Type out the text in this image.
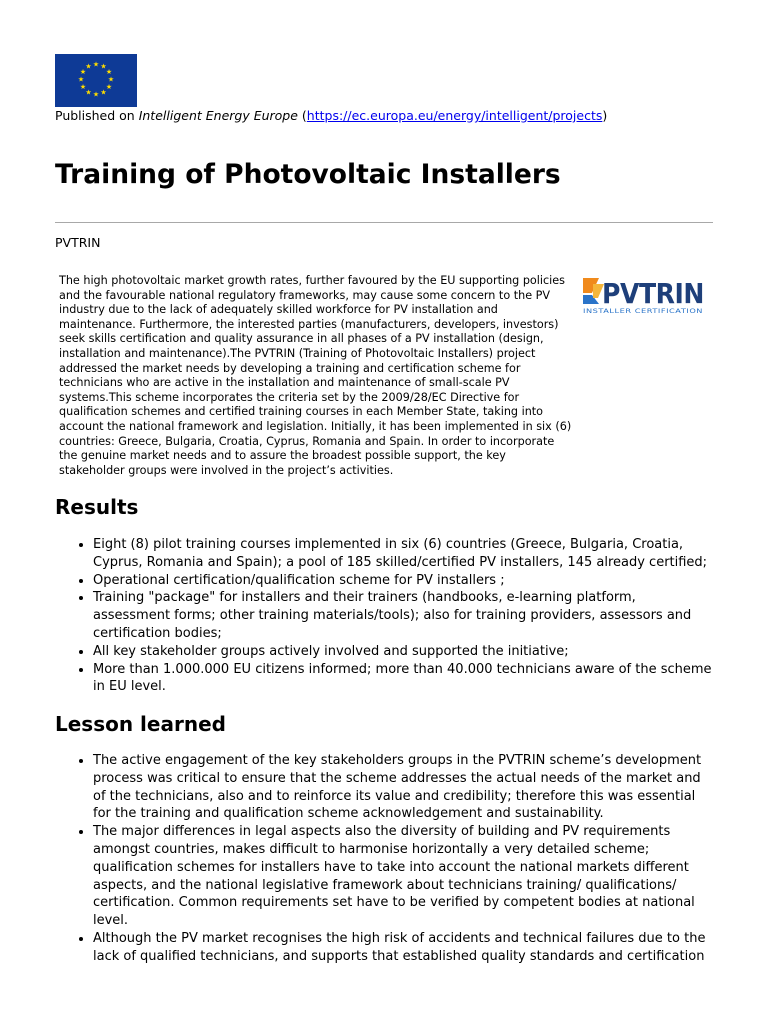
★ ★
★
★
★
★
★
★
★
★
★
★
Published on Intelligent Energy Europe (https://ec.europa.eu/energy/intelligent/projects)
Training of Photovoltaic Installers
PVTRIN

The high photovoltaic market growth rates, further favoured by the EU supporting policies and the favourable national regulatory frameworks, may cause some concern to the PV industry due to the lack of adequately skilled workforce for PV installation and maintenance. Furthermore, the interested parties (manufacturers, developers, investors) seek skills certification and quality assurance in all phases of a PV installation (design, installation and maintenance).The PVTRIN (Training of Photovoltaic Installers) project addressed the market needs by developing a training and certification scheme for technicians who are active in the installation and maintenance of small-scale PV systems.This scheme incorporates the criteria set by the 2009/28/EC Directive for qualification schemes and certified training courses in each Member State, taking into account the national framework and legislation. Initially, it has been implemented in six (6) countries: Greece, Bulgaria, Croatia, Cyprus, Romania and Spain. In order to incorporate the genuine market needs and to assure the broadest possible support, the key stakeholder groups were involved in the project’s activities.

PVTRIN
INSTALLER CERTIFICATION
Results
• Eight (8) pilot training courses implemented in six (6) countries (Greece, Bulgaria, Croatia, Cyprus, Romania and Spain); a pool of 185 skilled/certified PV installers, 145 already certified;
• Operational certification/qualification scheme for PV installers ;
• Training "package" for installers and their trainers (handbooks, e-learning platform, assessment forms; other training materials/tools); also for training providers, assessors and certification bodies;
• All key stakeholder groups actively involved and supported the initiative;
• More than 1.000.000 EU citizens informed; more than 40.000 technicians aware of the scheme in EU level.
Lesson learned
• The active engagement of the key stakeholders groups in the PVTRIN scheme’s development process was critical to ensure that the scheme addresses the actual needs of the market and of the technicians, also and to reinforce its value and credibility; therefore this was essential for the training and qualification scheme acknowledgement and sustainability.
• The major differences in legal aspects also the diversity of building and PV requirements amongst countries, makes difficult to harmonise horizontally a very detailed scheme; qualification schemes for installers have to take into account the national markets different aspects, and the national legislative framework about technicians training/ qualifications/ certification. Common requirements set have to be verified by competent bodies at national level.
• Although the PV market recognises the high risk of accidents and technical failures due to the lack of qualified technicians, and supports that established quality standards and certification
